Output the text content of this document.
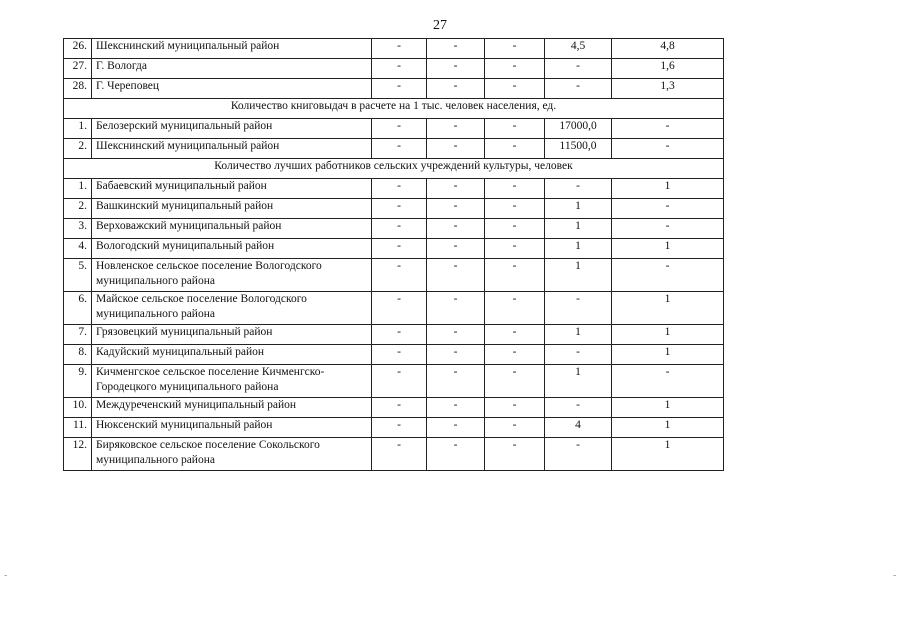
27
-	-
26.	Шекснинский муниципальный район	-	-	-	4,5	4,8
27.	Г. Вологда	-	-	-	-	1,6
28.	Г. Череповец	-	-	-	-	1,3
Количество книговыдач в расчете на 1 тыс. человек населения, ед.						
1.	Белозерский муниципальный район	-	-	-	17000,0	-
2.	Шекснинский муниципальный район	-	-	-	11500,0	-
Количество лучших работников сельских учреждений культуры, человек						
1.	Бабаевский муниципальный район	-	-	-	-	1
2.	Вашкинский муниципальный район	-	-	-	1	-
3.	Верховажский муниципальный район	-	-	-	1	-
4.	Вологодский муниципальный район	-	-	-	1	1
5.	Новленское сельское поселение Вологодского муниципального района	-	-	-	1	-
6.	Майское сельское поселение Вологодского муниципального района	-	-	-	-	1
7.	Грязовецкий муниципальный район	-	-	-	1	1
8.	Кадуйский муниципальный район	-	-	-	-	1
9.	Кичменгское сельское поселение Кичменгско-Городецкого муниципального района	-	-	-	1	-
10.	Междуреченский муниципальный район	-	-	-	-	1
11.	Нюксенский муниципальный район	-	-	-	4	1
12.	Биряковское сельское поселение Сокольского муниципального района	-	-	-	-	1
